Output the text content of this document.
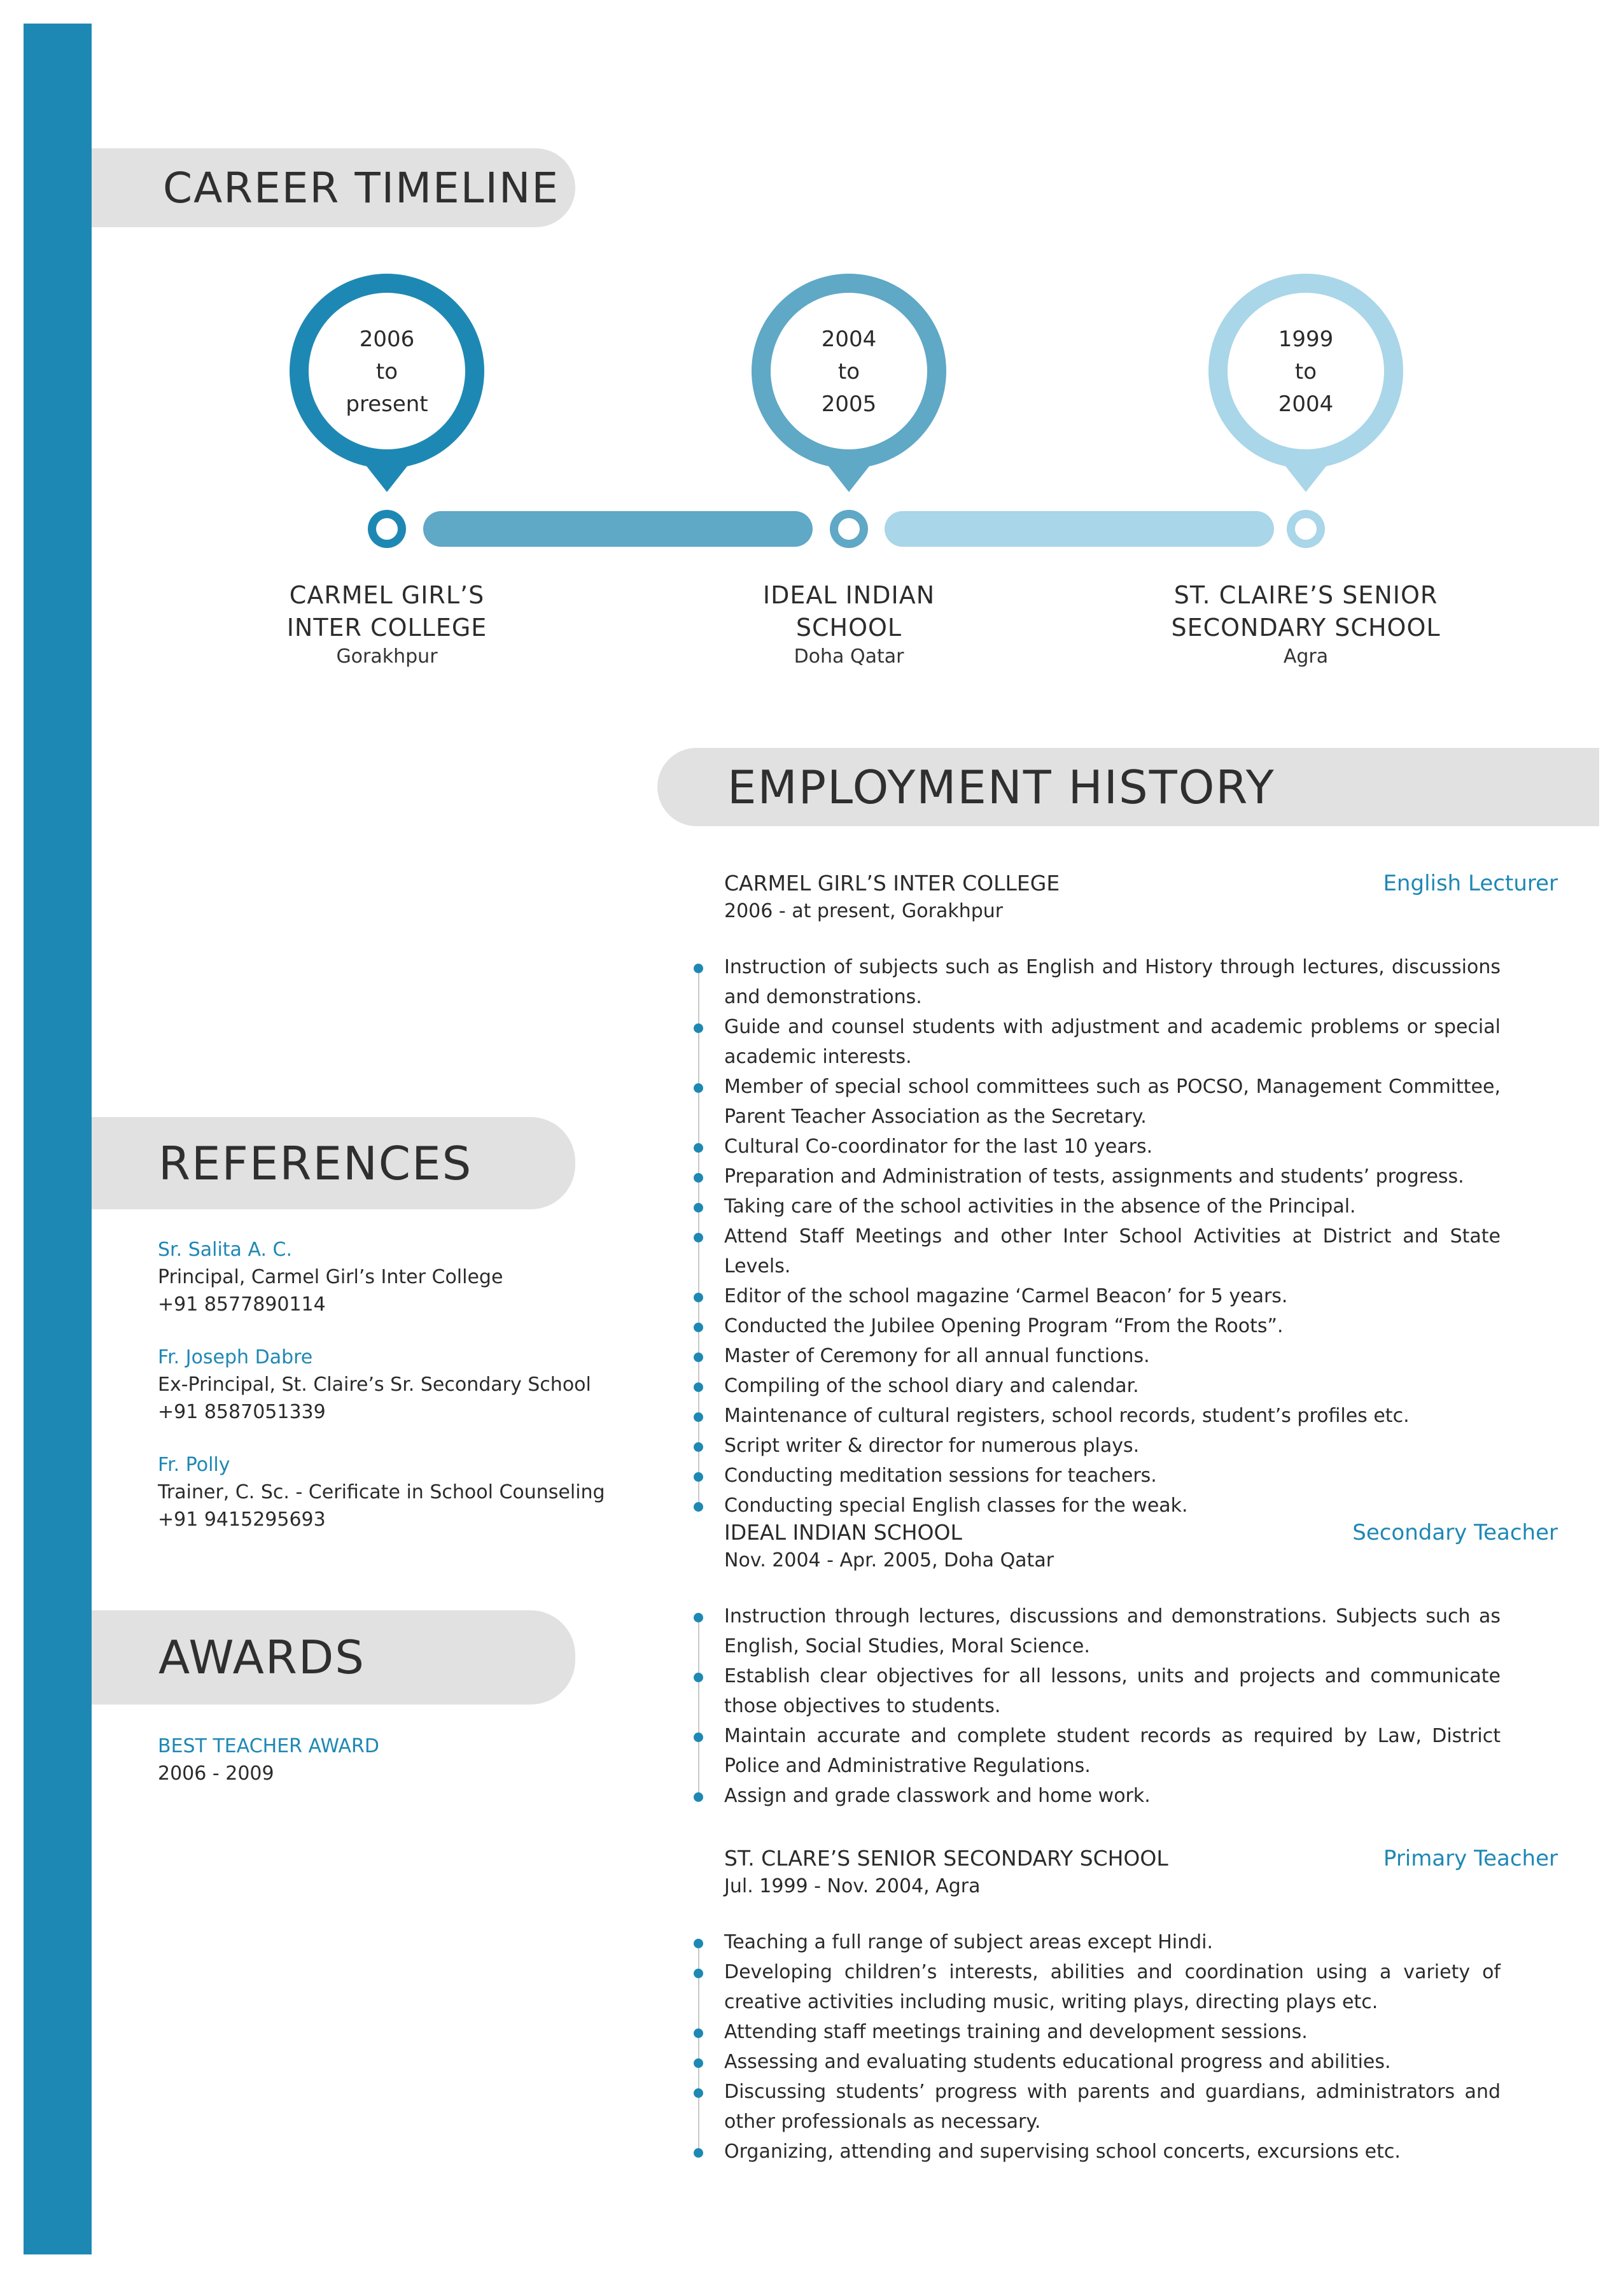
CAREER TIMELINE
2006
to
present
2004
to
2005
1999
to
2004
CARMEL GIRL’S
INTER COLLEGE
Gorakhpur
IDEAL INDIAN
SCHOOL
Doha Qatar
ST. CLAIRE’S SENIOR
SECONDARY SCHOOL
Agra
EMPLOYMENT HISTORY
CARMEL GIRL’S INTER COLLEGE
2006 - at present, Gorakhpur
English Lecturer
Instruction of subjects such as English and History through lectures, discussions and demonstrations.
Guide and counsel students with adjustment and academic problems or special academic interests.
Member of special school committees such as POCSO, Management Committee, Parent Teacher Association as the Secretary.
Cultural Co-coordinator for the last 10 years.
Preparation and Administration of tests, assignments and students’ progress.
Taking care of the school activities in the absence of the Principal.
Attend Staff Meetings and other Inter School Activities at District and State Levels.
Editor of the school magazine ‘Carmel Beacon’ for 5 years.
Conducted the Jubilee Opening Program “From the Roots”.
Master of Ceremony for all annual functions.
Compiling of the school diary and calendar.
Maintenance of cultural registers, school records, student’s profiles etc.
Script writer & director for numerous plays.
Conducting meditation sessions for teachers.
Conducting special English classes for the weak.
IDEAL INDIAN SCHOOL
Nov. 2004 - Apr. 2005, Doha Qatar
Secondary Teacher
Instruction through lectures, discussions and demonstrations. Subjects such as English, Social Studies, Moral Science.
Establish clear objectives for all lessons, units and projects and communicate those objectives to students.
Maintain accurate and complete student records as required by Law, District Police and Administrative Regulations.
Assign and grade classwork and home work.
ST. CLARE’S SENIOR SECONDARY SCHOOL
Jul. 1999 - Nov. 2004, Agra
Primary Teacher
Teaching a full range of subject areas except Hindi.
Developing children’s interests, abilities and coordination using a variety of creative activities including music, writing plays, directing plays etc.
Attending staff meetings training and development sessions.
Assessing and evaluating students educational progress and abilities.
Discussing students’ progress with parents and guardians, administrators and other professionals as necessary.
Organizing, attending and supervising school concerts, excursions etc.
REFERENCES
Sr. Salita A. C.
Principal, Carmel Girl’s Inter College
+91 8577890114
Fr. Joseph Dabre
Ex-Principal, St. Claire’s Sr. Secondary School
+91 8587051339
Fr. Polly
Trainer, C. Sc. - Cerificate in School Counseling
+91 9415295693
AWARDS
BEST TEACHER AWARD
2006 - 2009
